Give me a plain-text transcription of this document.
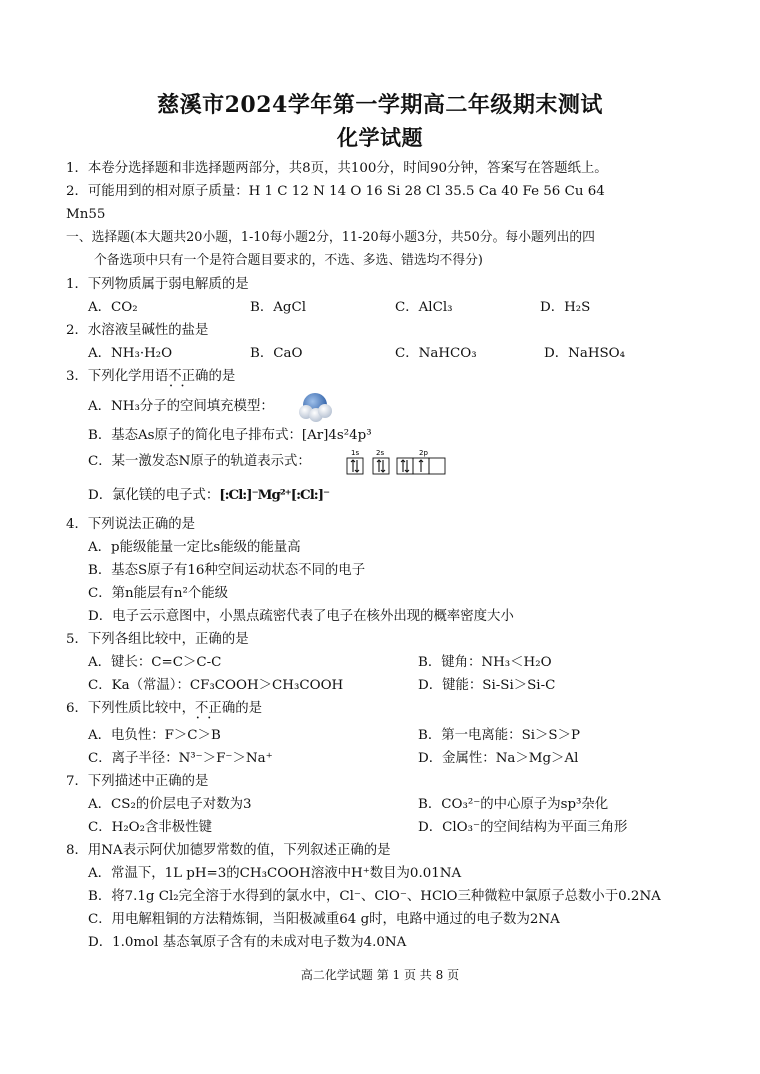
慈溪市2024学年第一学期高二年级期末测试
化学试题
1．本卷分选择题和非选择题两部分，共8页，共100分，时间90分钟，答案写在答题纸上。
2．可能用到的相对原子质量：H 1 C 12 N 14 O 16 Si 28 Cl 35.5 Ca 40 Fe 56 Cu 64
Mn55
一、选择题(本大题共20小题，1-10每小题2分，11-20每小题3分，共50分。每小题列出的四
个备选项中只有一个是符合题目要求的，不选、多选、错选均不得分)
1．下列物质属于弱电解质的是
A．CO₂	B．AgCl	C．AlCl₃	D．H₂S
2．水溶液呈碱性的盐是
A．NH₃·H₂O	B．CaO	C．NaHCO₃	D．NaHSO₄
3．下列化学用语不正确 • •的是
A．NH₃分子的空间填充模型：
B．基态As原子的简化电子排布式：[Ar]4s²4p³
C．某一激发态N原子的轨道表示式：
1s 2s	2p
D．氯化镁的电子式：[:Cl:]⁻Mg²⁺[:Cl:]⁻
4．下列说法正确的是
A．p能级能量一定比s能级的能量高
B．基态S原子有16种空间运动状态不同的电子
C．第n能层有n²个能级
D．电子云示意图中，小黑点疏密代表了电子在核外出现的概率密度大小
5．下列各组比较中，正确的是
A．键长：C=C＞C-C	B．键角：NH₃＜H₂O
C．Ka（常温）：CF₃COOH＞CH₃COOH	D．键能：Si-Si＞Si-C
6．下列性质比较中，不正确 • •的是
A．电负性：F＞C＞B	B．第一电离能：Si＞S＞P
C．离子半径：N³⁻＞F⁻＞Na⁺	D．金属性：Na＞Mg＞Al
7．下列描述中正确的是
A．CS₂的价层电子对数为3	B．CO₃²⁻的中心原子为sp³杂化
C．H₂O₂含非极性键	D．ClO₃⁻的空间结构为平面三角形
8．用NA表示阿伏加德罗常数的值，下列叙述正确的是
A．常温下，1L pH=3的CH₃COOH溶液中H⁺数目为0.01NA
B．将7.1g Cl₂完全溶于水得到的氯水中，Cl⁻、ClO⁻、HClO三种微粒中氯原子总数小于0.2NA
C．用电解粗铜的方法精炼铜，当阳极减重64 g时，电路中通过的电子数为2NA
D．1.0mol 基态氧原子含有的未成对电子数为4.0NA
高二化学试题 第 1 页 共 8 页
